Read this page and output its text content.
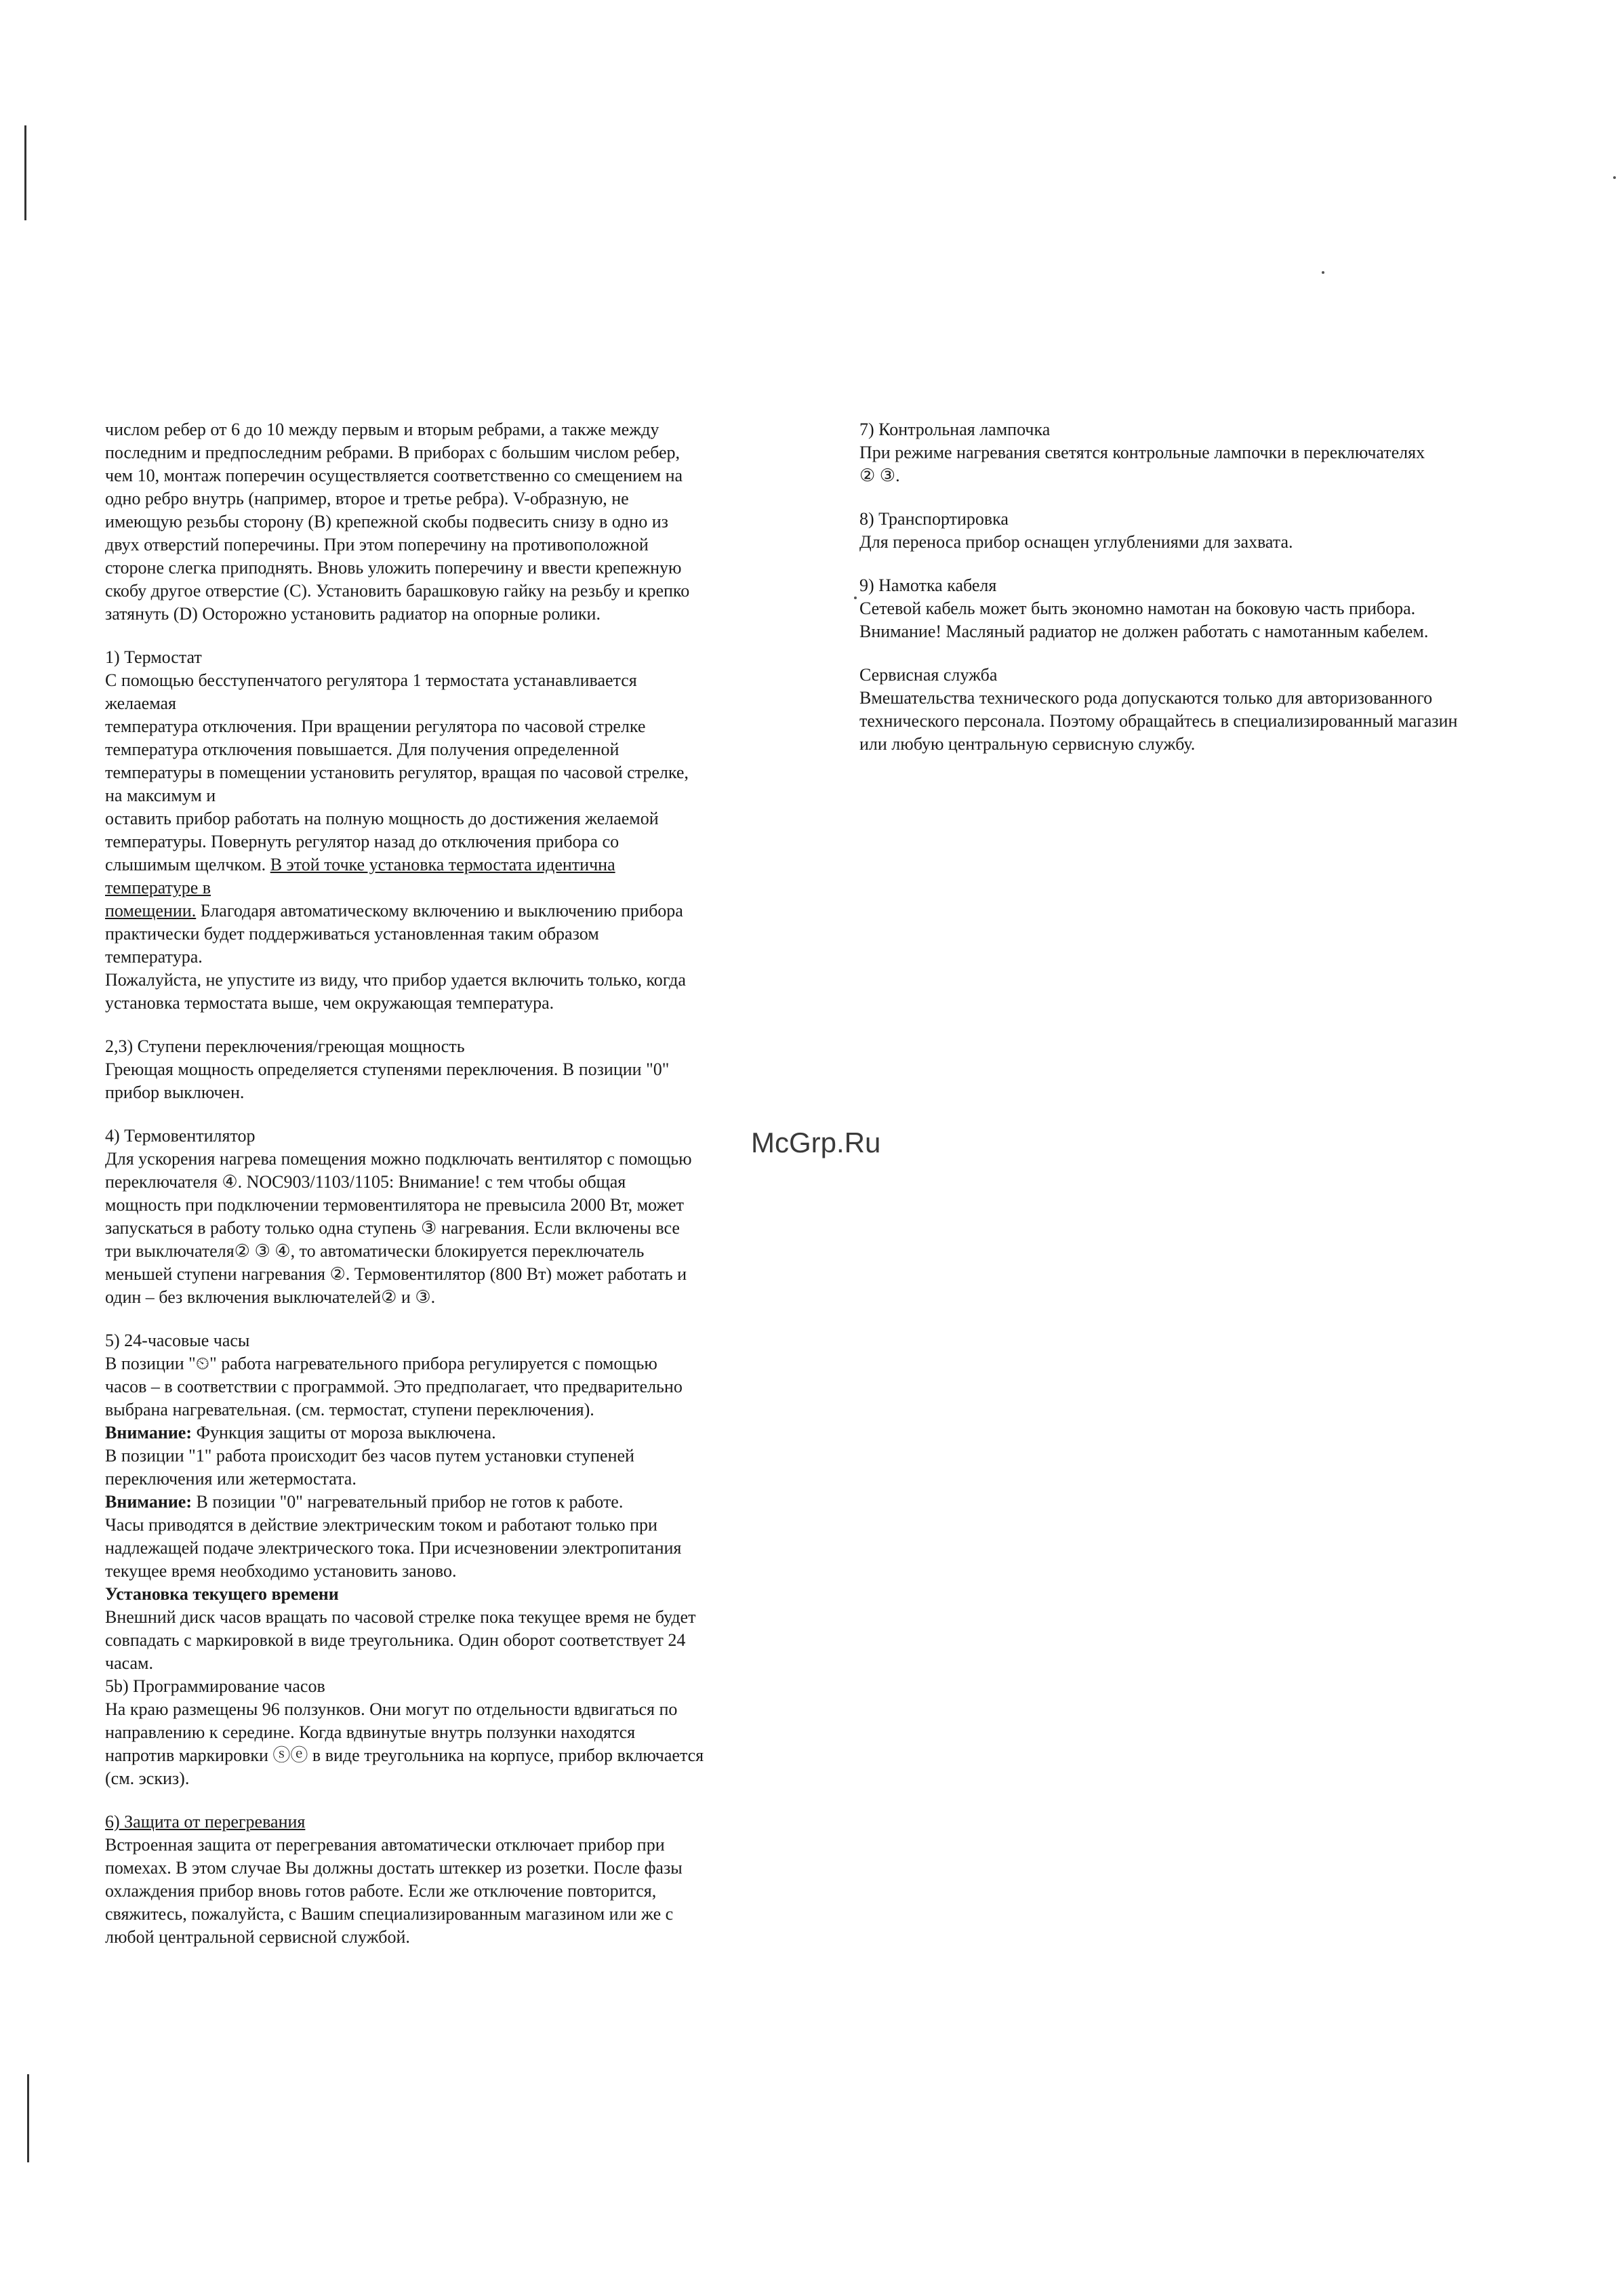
McGrp.Ru
числом ребер от 6 до 10 между первым и вторым ребрами, а также между
последним и предпоследним ребрами. В приборах с большим числом ребер,
чем 10, монтаж поперечин осуществляется соответственно со смещением на
одно ребро внутрь (например, второе и третье ребра). V-образную, не
имеющую резьбы сторону (B) крепежной скобы подвесить снизу в одно из
двух отверстий поперечины. При этом поперечину на противоположной
стороне слегка приподнять. Вновь уложить поперечину и ввести крепежную
скобу другое отверстие (C). Установить барашковую гайку на резьбу и крепко
затянуть (D) Осторожно установить радиатор на опорные ролики.
1) Термостат
С помощью бесступенчатого регулятора 1 термостата устанавливается
желаемая
температура отключения. При вращении регулятора по часовой стрелке
температура отключения повышается. Для получения определенной
температуры в помещении установить регулятор, вращая по часовой стрелке,
на максимум и
оставить прибор работать на полную мощность до достижения желаемой
температуры. Повернуть регулятор назад до отключения прибора со
слышимым щелчком. В этой точке установка термостата идентична
температуре в
помещении. Благодаря автоматическому включению и выключению прибора
практически будет поддерживаться установленная таким образом
температура.
Пожалуйста, не упустите из виду, что прибор удается включить только, когда
установка термостата выше, чем окружающая температура.
2,3) Ступени переключения/греющая мощность
Греющая мощность определяется ступенями переключения. В позиции "0"
прибор выключен.
4) Термовентилятор
Для ускорения нагрева помещения можно подключать вентилятор с помощью
переключателя ④. NOC903/1103/1105: Внимание! с тем чтобы общая
мощность при подключении термовентилятора не превысила 2000 Вт, может
запускаться в работу только одна ступень ③ нагревания. Если включены все
три выключателя② ③ ④, то автоматически блокируется переключатель
меньшей ступени нагревания ②. Термовентилятор (800 Вт) может работать и
один – без включения выключателей② и ③.
5) 24-часовые часы
В позиции "⏲" работа нагревательного прибора регулируется с помощью
часов – в соответствии с программой. Это предполагает, что предварительно
выбрана нагревательная. (см. термостат, ступени переключения).
Внимание: Функция защиты от мороза выключена.
В позиции "1" работа происходит без часов путем установки ступеней
переключения или жетермостата.
Внимание: В позиции "0" нагревательный прибор не готов к работе.
Часы приводятся в действие электрическим током и работают только при
надлежащей подаче электрического тока. При исчезновении электропитания
текущее время необходимо установить заново.
Установка текущего времени
Внешний диск часов вращать по часовой стрелке пока текущее время не будет
совпадать с маркировкой в виде треугольника. Один оборот соответствует 24
часам.
5b) Программирование часов
На краю размещены 96 ползунков. Они могут по отдельности вдвигаться по
направлению к середине. Когда вдвинутые внутрь ползунки находятся
напротив маркировки ⓢⓔ в виде треугольника на корпусе, прибор включается
(см. эскиз).
6) Защита от перегревания
Встроенная защита от перегревания автоматически отключает прибор при
помехах. В этом случае Вы должны достать штеккер из розетки. После фазы
охлаждения прибор вновь готов работе. Если же отключение повторится,
свяжитесь, пожалуйста, с Вашим специализированным магазином или же с
любой центральной сервисной службой.
7) Контрольная лампочка
При режиме нагревания светятся контрольные лампочки в переключателях
② ③.
8) Транспортировка
Для переноса прибор оснащен углублениями для захвата.
9) Намотка кабеля
Сетевой кабель может быть экономно намотан на боковую часть прибора.
Внимание! Масляный радиатор не должен работать с намотанным кабелем.
Сервисная служба
Вмешательства технического рода допускаются только для авторизованного
технического персонала. Поэтому обращайтесь в специализированный магазин
или любую центральную сервисную службу.
